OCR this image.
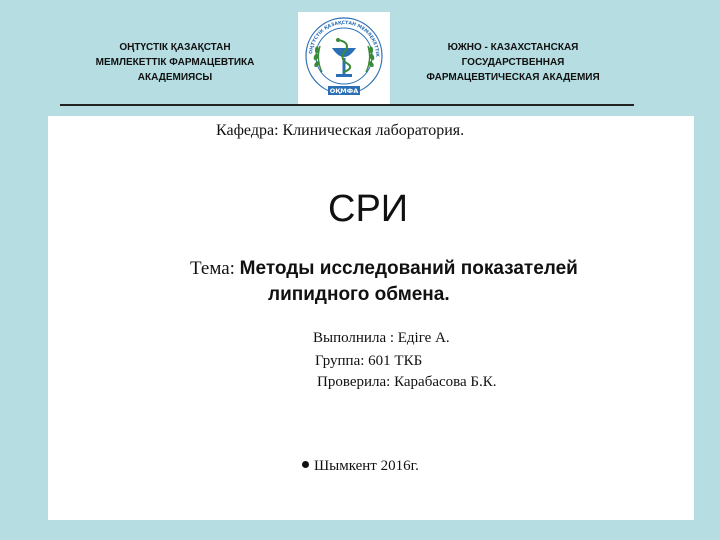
ОҢТҮСТІК ҚАЗАҚСТАН
МЕМЛЕКЕТТІК ФАРМАЦЕВТИКА
АКАДЕМИЯСЫ
ОҢТҮСТІК ҚАЗАҚСТАН МЕМЛЕКЕТТІК
ОҚМФА
ЮЖНО - КАЗАХСТАНСКАЯ
ГОСУДАРСТВЕННАЯ
ФАРМАЦЕВТИЧЕСКАЯ АКАДЕМИЯ
Кафедра: Клиническая лаборатория.
СРИ
Тема: Методы исследований показателей
липидного обмена.
Выполнила : Едіге А.
Группа: 601 ТКБ
Проверила: Карабасова Б.К.
Шымкент 2016г.
